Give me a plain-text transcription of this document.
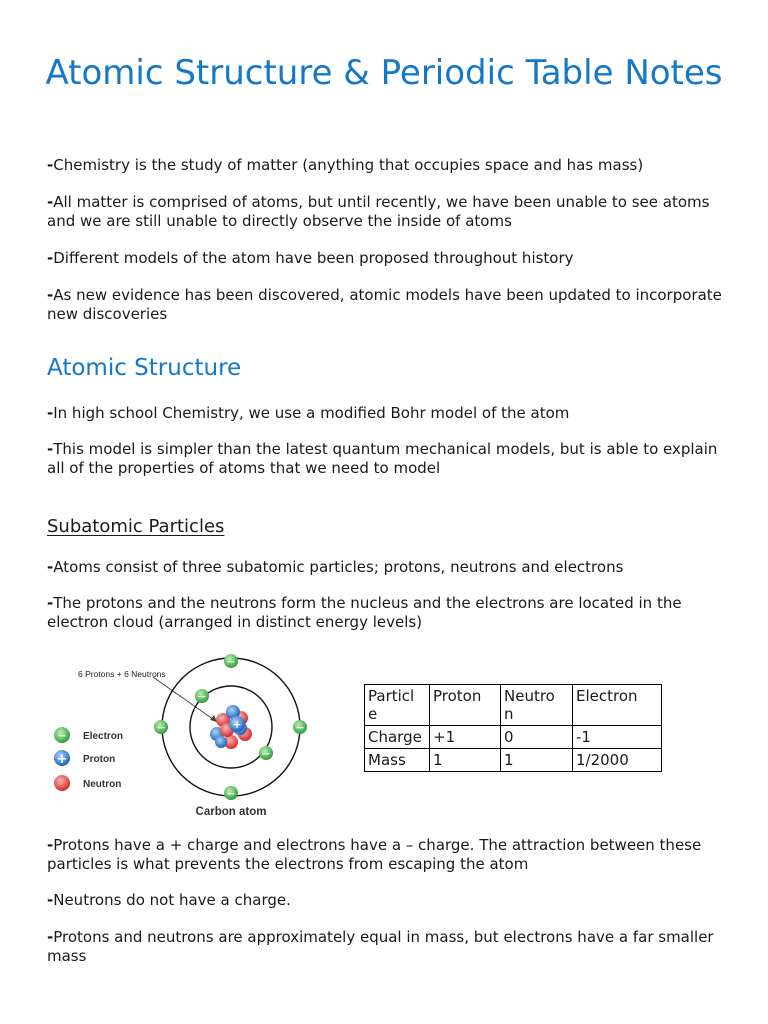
Atomic Structure & Periodic Table Notes

-Chemistry is the study of matter (anything that occupies space and has mass)

-All matter is comprised of atoms, but until recently, we have been unable to see atoms and we are still unable to directly observe the inside of atoms

-Different models of the atom have been proposed throughout history

-As new evidence has been discovered, atomic models have been updated to incorporate new discoveries

Atomic Structure

-In high school Chemistry, we use a modified Bohr model of the atom

-This model is simpler than the latest quantum mechanical models, but is able to explain all of the properties of atoms that we need to model

Subatomic Particles

-Atoms consist of three subatomic particles; protons, neutrons and electrons

-The protons and the neutrons form the nucleus and the electrons are located in the electron cloud (arranged in distinct energy levels)

6 Protons + 6 Neutrons
+
−
−	−
−
−
−
− Electron
+ Proton
Neutron
Carbon atom
Particl e	Proton	Neutro n	Electron
Charge	+1	0	-1
Mass	1	1	1/2000

-Protons have a + charge and electrons have a – charge. The attraction between these particles is what prevents the electrons from escaping the atom

-Neutrons do not have a charge.

-Protons and neutrons are approximately equal in mass, but electrons have a far smaller mass
